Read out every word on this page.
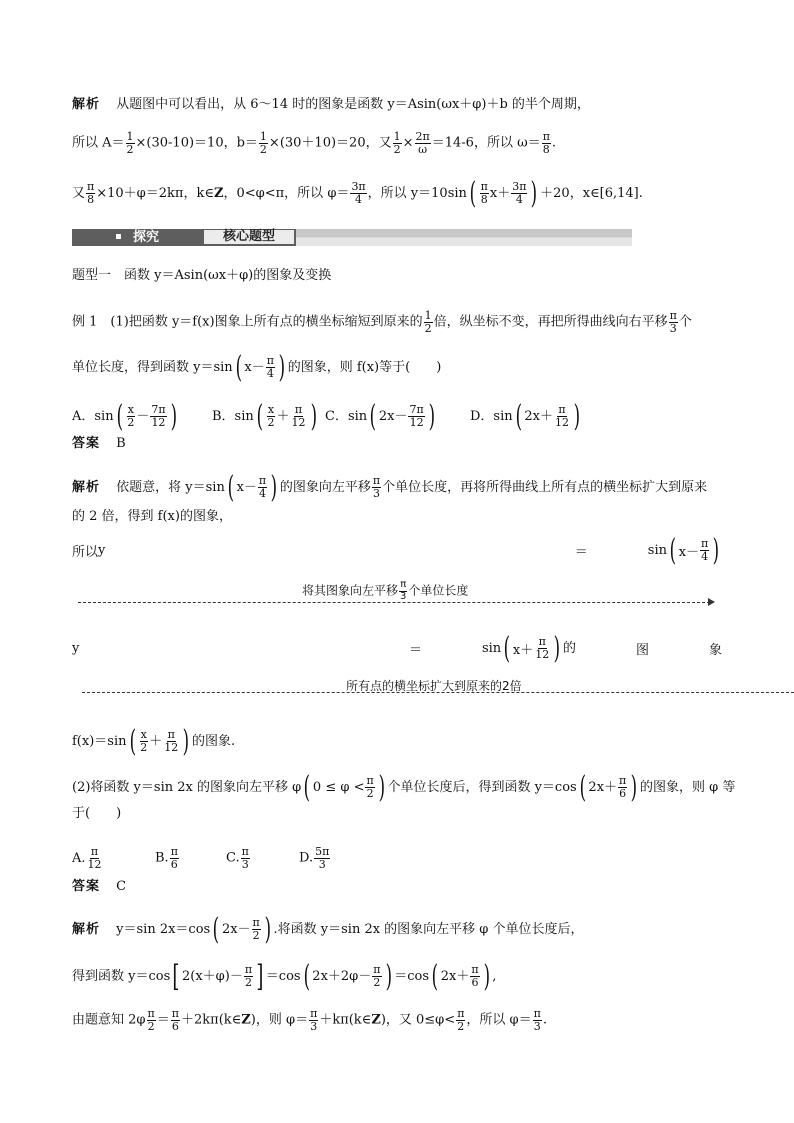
解析 从题图中可以看出，从 6～14 时的图象是函数 y＝Asin(ωx＋φ)＋b 的半个周期，
所以 $A= \frac{1}{2} \times(30-10)=10$，$b= \frac{1}{2} \times(30+10)=20$，又 $\frac{1}{2} \times \frac{2\pi}{\omega} =14-6$，所以 $\omega= \frac{\pi}{8}$ .
又 $\frac{\pi}{8} \times 10+\varphi=2k\pi$，k∈Z，0<φ<π，所以 $\varphi= \frac{3\pi}{4}$ ，所以 y＝10sin ( π
8 x＋ 3π
4
) ＋20，x∈[6,14].
探究	核心题型
题型一　函数 y＝Asin(ωx＋φ)的图象及变换
例 1　(1)把函数 y＝f(x)图象上所有点的横坐标缩短到原来的 $\frac{1}{2}$ 倍，纵坐标不变，再把所得曲线向右平移 $\frac{\pi}{3}$ 个
单位长度，得到函数 y＝sin ( x－ π
4
) 的图象，则 f(x)等于(　　)
A．sin ( x
2 － 7π
12
)	B．sin ( x
2 ＋ π
12
) C．sin ( 2x－ 7π
12
)	D．sin ( 2x＋ π
12
)
答案 B
解析 依题意，将 y＝sin ( x－ π
4
) 的图象向左平移 $\frac{\pi}{3}$ 个单位长度，再将所得曲线上所有点的横坐标扩大到原来
的 2 倍，得到 f(x)的图象，
所 以 y	＝	sin ( x－
π
4
)
将其图象向左平移 $\frac{\pi}{3}$ 个单位长度
y	＝	sin ( x＋
π
12
) 的	图	象
所有点的横坐标扩大到原来的2倍
f(x)＝sin ( x
2 ＋ π
12
) 的图象.
(2)将函数 y＝sin 2x 的图象向左平移 φ ( 0 ≤ φ < π
2
) 个单位长度后，得到函数 y＝cos ( 2x＋ π
6
) 的图象，则 φ 等
于(　　)
A. $\frac{\pi}{12}$	B. $\frac{\pi}{6}$	C. $\frac{\pi}{3}$	D. $\frac{5\pi}{3}$
答案 C
解析 y＝sin 2x＝cos ( 2x－ π
2
) .将函数 y＝sin 2x 的图象向左平移 φ 个单位长度后，
得到函数 y＝cos [ 2(x＋φ)－ π
2
] ＝cos ( 2x＋2φ－ π
2
) ＝cos ( 2x＋ π
6
) ,
由题意知 $2\varphi \frac{\pi}{2} = \frac{\pi}{6}$ ＋2kπ(k∈Z)，则 $\varphi= \frac{\pi}{3}$ ＋kπ(k∈Z)，又 $0\le\varphi< \frac{\pi}{2}$ ，所以 $\varphi= \frac{\pi}{3}$ .
